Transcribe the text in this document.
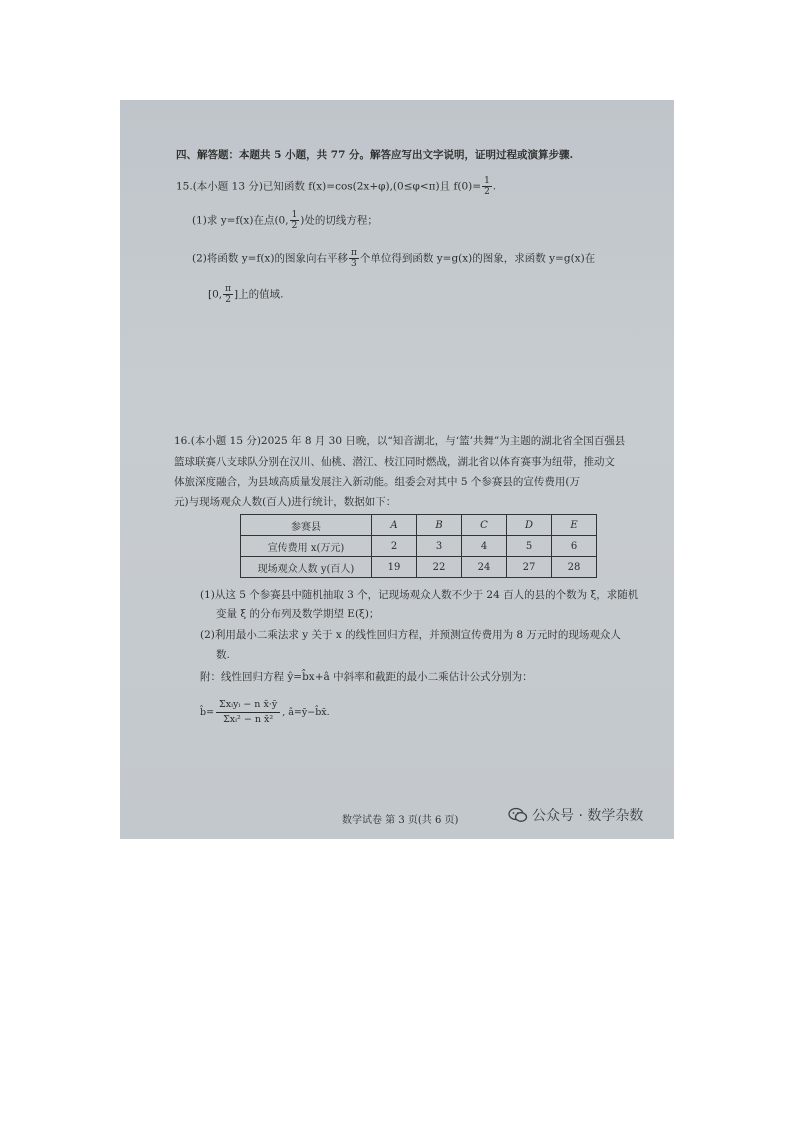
四、解答题：本题共 5 小题，共 77 分。解答应写出文字说明，证明过程或演算步骤.
15.(本小题 13 分)已知函数 f(x)=cos(2x+φ),(0≤φ<π)且 $f(0)= \frac{1}{2}$ .
(1)求 y=f(x)在点(0, $\frac{1}{2}$ )处的切线方程；
(2)将函数 y=f(x)的图象向右平移 $\frac{\pi}{3}$ 个单位得到函数 y=g(x)的图象，求函数 y=g(x)在
[0, $\frac{\pi}{2}$ ]上的值域.
16.(本小题 15 分)2025 年 8 月 30 日晚，以“知音湖北，与‘篮’共舞”为主题的湖北省全国百强县
篮球联赛八支球队分别在汉川、仙桃、潜江、枝江同时燃战，湖北省以体育赛事为纽带，推动文
体旅深度融合，为县域高质量发展注入新动能。组委会对其中 5 个参赛县的宣传费用(万
元)与现场观众人数(百人)进行统计，数据如下：
参赛县	A	B	C	D	E
宣传费用 x(万元)	2	3	4	5	6
现场观众人数 y(百人)	19	22	24	27	28
(1)从这 5 个参赛县中随机抽取 3 个，记现场观众人数不少于 24 百人的县的个数为 ξ，求随机
变量 ξ 的分布列及数学期望 E(ξ)；
(2)利用最小二乘法求 y 关于 x 的线性回归方程，并预测宣传费用为 8 万元时的现场观众人
数.
附：线性回归方程 ŷ=b̂x+â 中斜率和截距的最小二乘估计公式分别为：
b̂=
Σxᵢyᵢ − n x̄·ȳ
Σxᵢ² − n x̄²
, â=ȳ−b̂x̄.
数学试卷 第 3 页(共 6 页)	公众号 · 数学杂数
